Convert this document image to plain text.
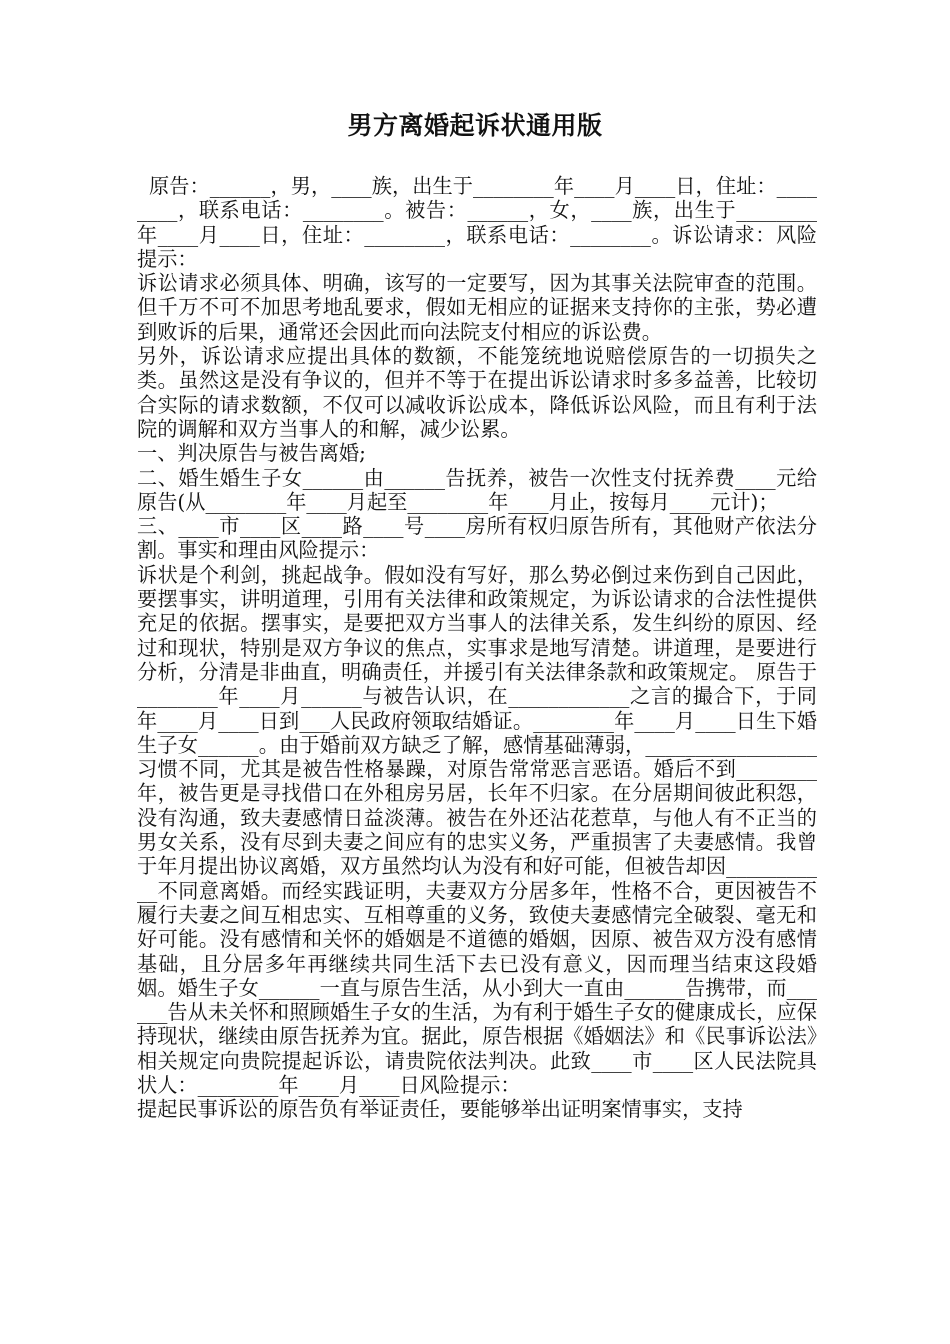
男方离婚起诉状通用版

原告：______，男，____族，出生于________年____月____日，住址：________，联系电话：________。被告：______，女，____族，出生于________年____月____日，住址：________，联系电话：________。诉讼请求：风险提示：

诉讼请求必须具体、明确，该写的一定要写，因为其事关法院审查的范围。但千万不可不加思考地乱要求，假如无相应的证据来支持你的主张，势必遭到败诉的后果，通常还会因此而向法院支付相应的诉讼费。

另外，诉讼请求应提出具体的数额，不能笼统地说赔偿原告的一切损失之类。虽然这是没有争议的，但并不等于在提出诉讼请求时多多益善，比较切合实际的请求数额，不仅可以减收诉讼成本，降低诉讼风险，而且有利于法院的调解和双方当事人的和解，减少讼累。

一、判决原告与被告离婚;

二、婚生婚生子女______由______告抚养，被告一次性支付抚养费____元给原告(从________年____月起至________年____月止，按每月____元计)；

三、____市____区____路____号____房所有权归原告所有，其他财产依法分割。事实和理由风险提示：

诉状是个利剑，挑起战争。假如没有写好，那么势必倒过来伤到自己因此，要摆事实，讲明道理，引用有关法律和政策规定，为诉讼请求的合法性提供充足的依据。摆事实，是要把双方当事人的法律关系，发生纠纷的原因、经过和现状，特别是双方争议的焦点，实事求是地写清楚。讲道理，是要进行分析，分清是非曲直，明确责任，并援引有关法律条款和政策规定。 原告于________年____月______与被告认识，在____________之言的撮合下，于同年____月____日到___人民政府领取结婚证。________年____月____日生下婚生子女______。由于婚前双方缺乏了解，感情基础薄弱，_________________习惯不同，尤其是被告性格暴躁，对原告常常恶言恶语。婚后不到________年，被告更是寻找借口在外租房另居，长年不归家。在分居期间彼此积怨，没有沟通，致夫妻感情日益淡薄。被告在外还沾花惹草，与他人有不正当的男女关系，没有尽到夫妻之间应有的忠实义务，严重损害了夫妻感情。我曾于年月提出协议离婚，双方虽然均认为没有和好可能，但被告却因___________不同意离婚。而经实践证明，夫妻双方分居多年，性格不合，更因被告不履行夫妻之间互相忠实、互相尊重的义务，致使夫妻感情完全破裂、毫无和好可能。没有感情和关怀的婚姻是不道德的婚姻，因原、被告双方没有感情基础，且分居多年再继续共同生活下去已没有意义，因而理当结束这段婚姻。婚生子女______一直与原告生活，从小到大一直由______告携带，而______告从未关怀和照顾婚生子女的生活，为有利于婚生子女的健康成长，应保持现状，继续由原告抚养为宜。据此，原告根据《婚姻法》和《民事诉讼法》相关规定向贵院提起诉讼，请贵院依法判决。此致____市____区人民法院具状人：________年____月____日风险提示：

提起民事诉讼的原告负有举证责任，要能够举出证明案情事实，支持
